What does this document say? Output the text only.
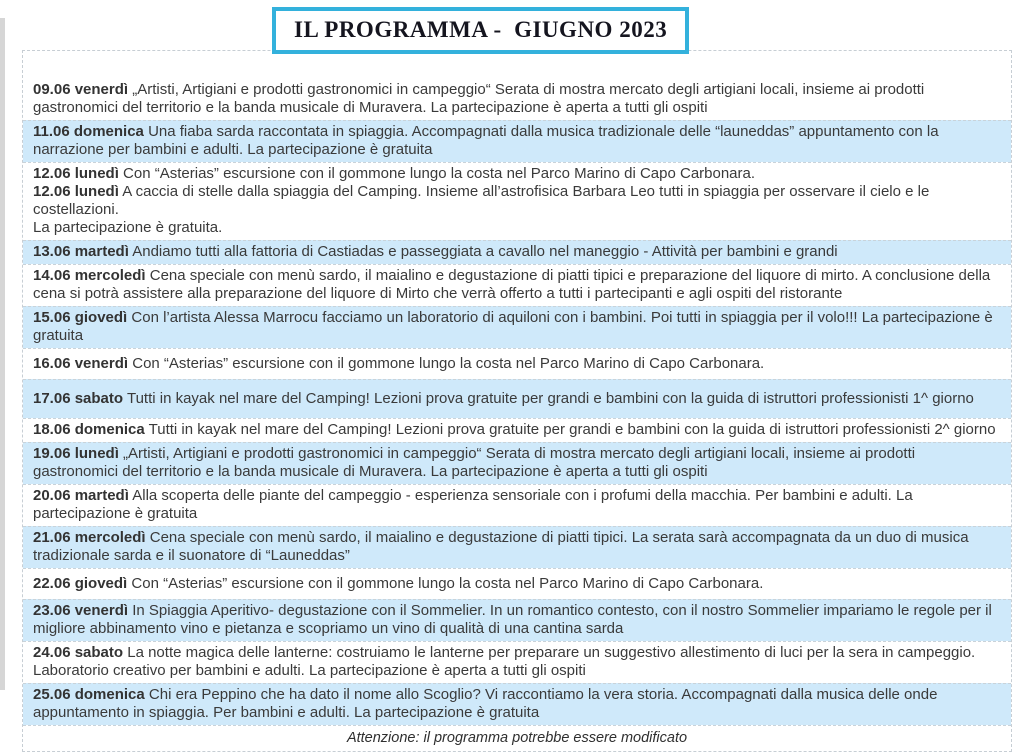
IL PROGRAMMA -  GIUGNO 2023

09.06 venerdì „Artisti, Artigiani e prodotti gastronomici in campeggio“ Serata di mostra mercato degli artigiani locali, insieme ai prodotti gastronomici del territorio e la banda musicale di Muravera. La partecipazione è aperta a tutti gli ospiti

11.06 domenica Una fiaba sarda raccontata in spiaggia. Accompagnati dalla musica tradizionale delle “launeddas” appuntamento con la narrazione per bambini e adulti. La partecipazione è gratuita

12.06 lunedì Con “Asterias” escursione con il gommone lungo la costa nel Parco Marino di Capo Carbonara.

12.06 lunedì A caccia di stelle dalla spiaggia del Camping. Insieme all’astrofisica Barbara Leo tutti in spiaggia per osservare il cielo e le costellazioni.

La partecipazione è gratuita.

13.06 martedì Andiamo tutti alla fattoria di Castiadas e passeggiata a cavallo nel maneggio - Attività per bambini e grandi

14.06 mercoledì Cena speciale con menù sardo, il maialino e degustazione di piatti tipici e preparazione del liquore di mirto. A conclusione della cena si potrà assistere alla preparazione del liquore di Mirto che verrà offerto a tutti i partecipanti e agli ospiti del ristorante

15.06 giovedì Con l’artista Alessa Marrocu facciamo un laboratorio di aquiloni con i bambini. Poi tutti in spiaggia per il volo!!! La partecipazione è gratuita

16.06 venerdì Con “Asterias” escursione con il gommone lungo la costa nel Parco Marino di Capo Carbonara.

17.06 sabato Tutti in kayak nel mare del Camping! Lezioni prova gratuite per grandi e bambini con la guida di istruttori professionisti 1^ giorno

18.06 domenica Tutti in kayak nel mare del Camping! Lezioni prova gratuite per grandi e bambini con la guida di istruttori professionisti 2^ giorno

19.06 lunedì „Artisti, Artigiani e prodotti gastronomici in campeggio“ Serata di mostra mercato degli artigiani locali, insieme ai prodotti gastronomici del territorio e la banda musicale di Muravera. La partecipazione è aperta a tutti gli ospiti

20.06 martedì Alla scoperta delle piante del campeggio - esperienza sensoriale con i profumi della macchia. Per bambini e adulti. La partecipazione è gratuita

21.06 mercoledì Cena speciale con menù sardo, il maialino e degustazione di piatti tipici. La serata sarà accompagnata da un duo di musica tradizionale sarda e il suonatore di “Launeddas”

22.06 giovedì Con “Asterias” escursione con il gommone lungo la costa nel Parco Marino di Capo Carbonara.

23.06 venerdì In Spiaggia Aperitivo- degustazione con il Sommelier. In un romantico contesto, con il nostro Sommelier impariamo le regole per il migliore abbinamento vino e pietanza e scopriamo un vino di qualità di una cantina sarda

24.06 sabato La notte magica delle lanterne: costruiamo le lanterne per preparare un suggestivo allestimento di luci per la sera in campeggio. Laboratorio creativo per bambini e adulti. La partecipazione è aperta a tutti gli ospiti

25.06 domenica Chi era Peppino che ha dato il nome allo Scoglio? Vi raccontiamo la vera storia. Accompagnati dalla musica delle onde appuntamento in spiaggia. Per bambini e adulti. La partecipazione è gratuita

Attenzione: il programma potrebbe essere modificato
